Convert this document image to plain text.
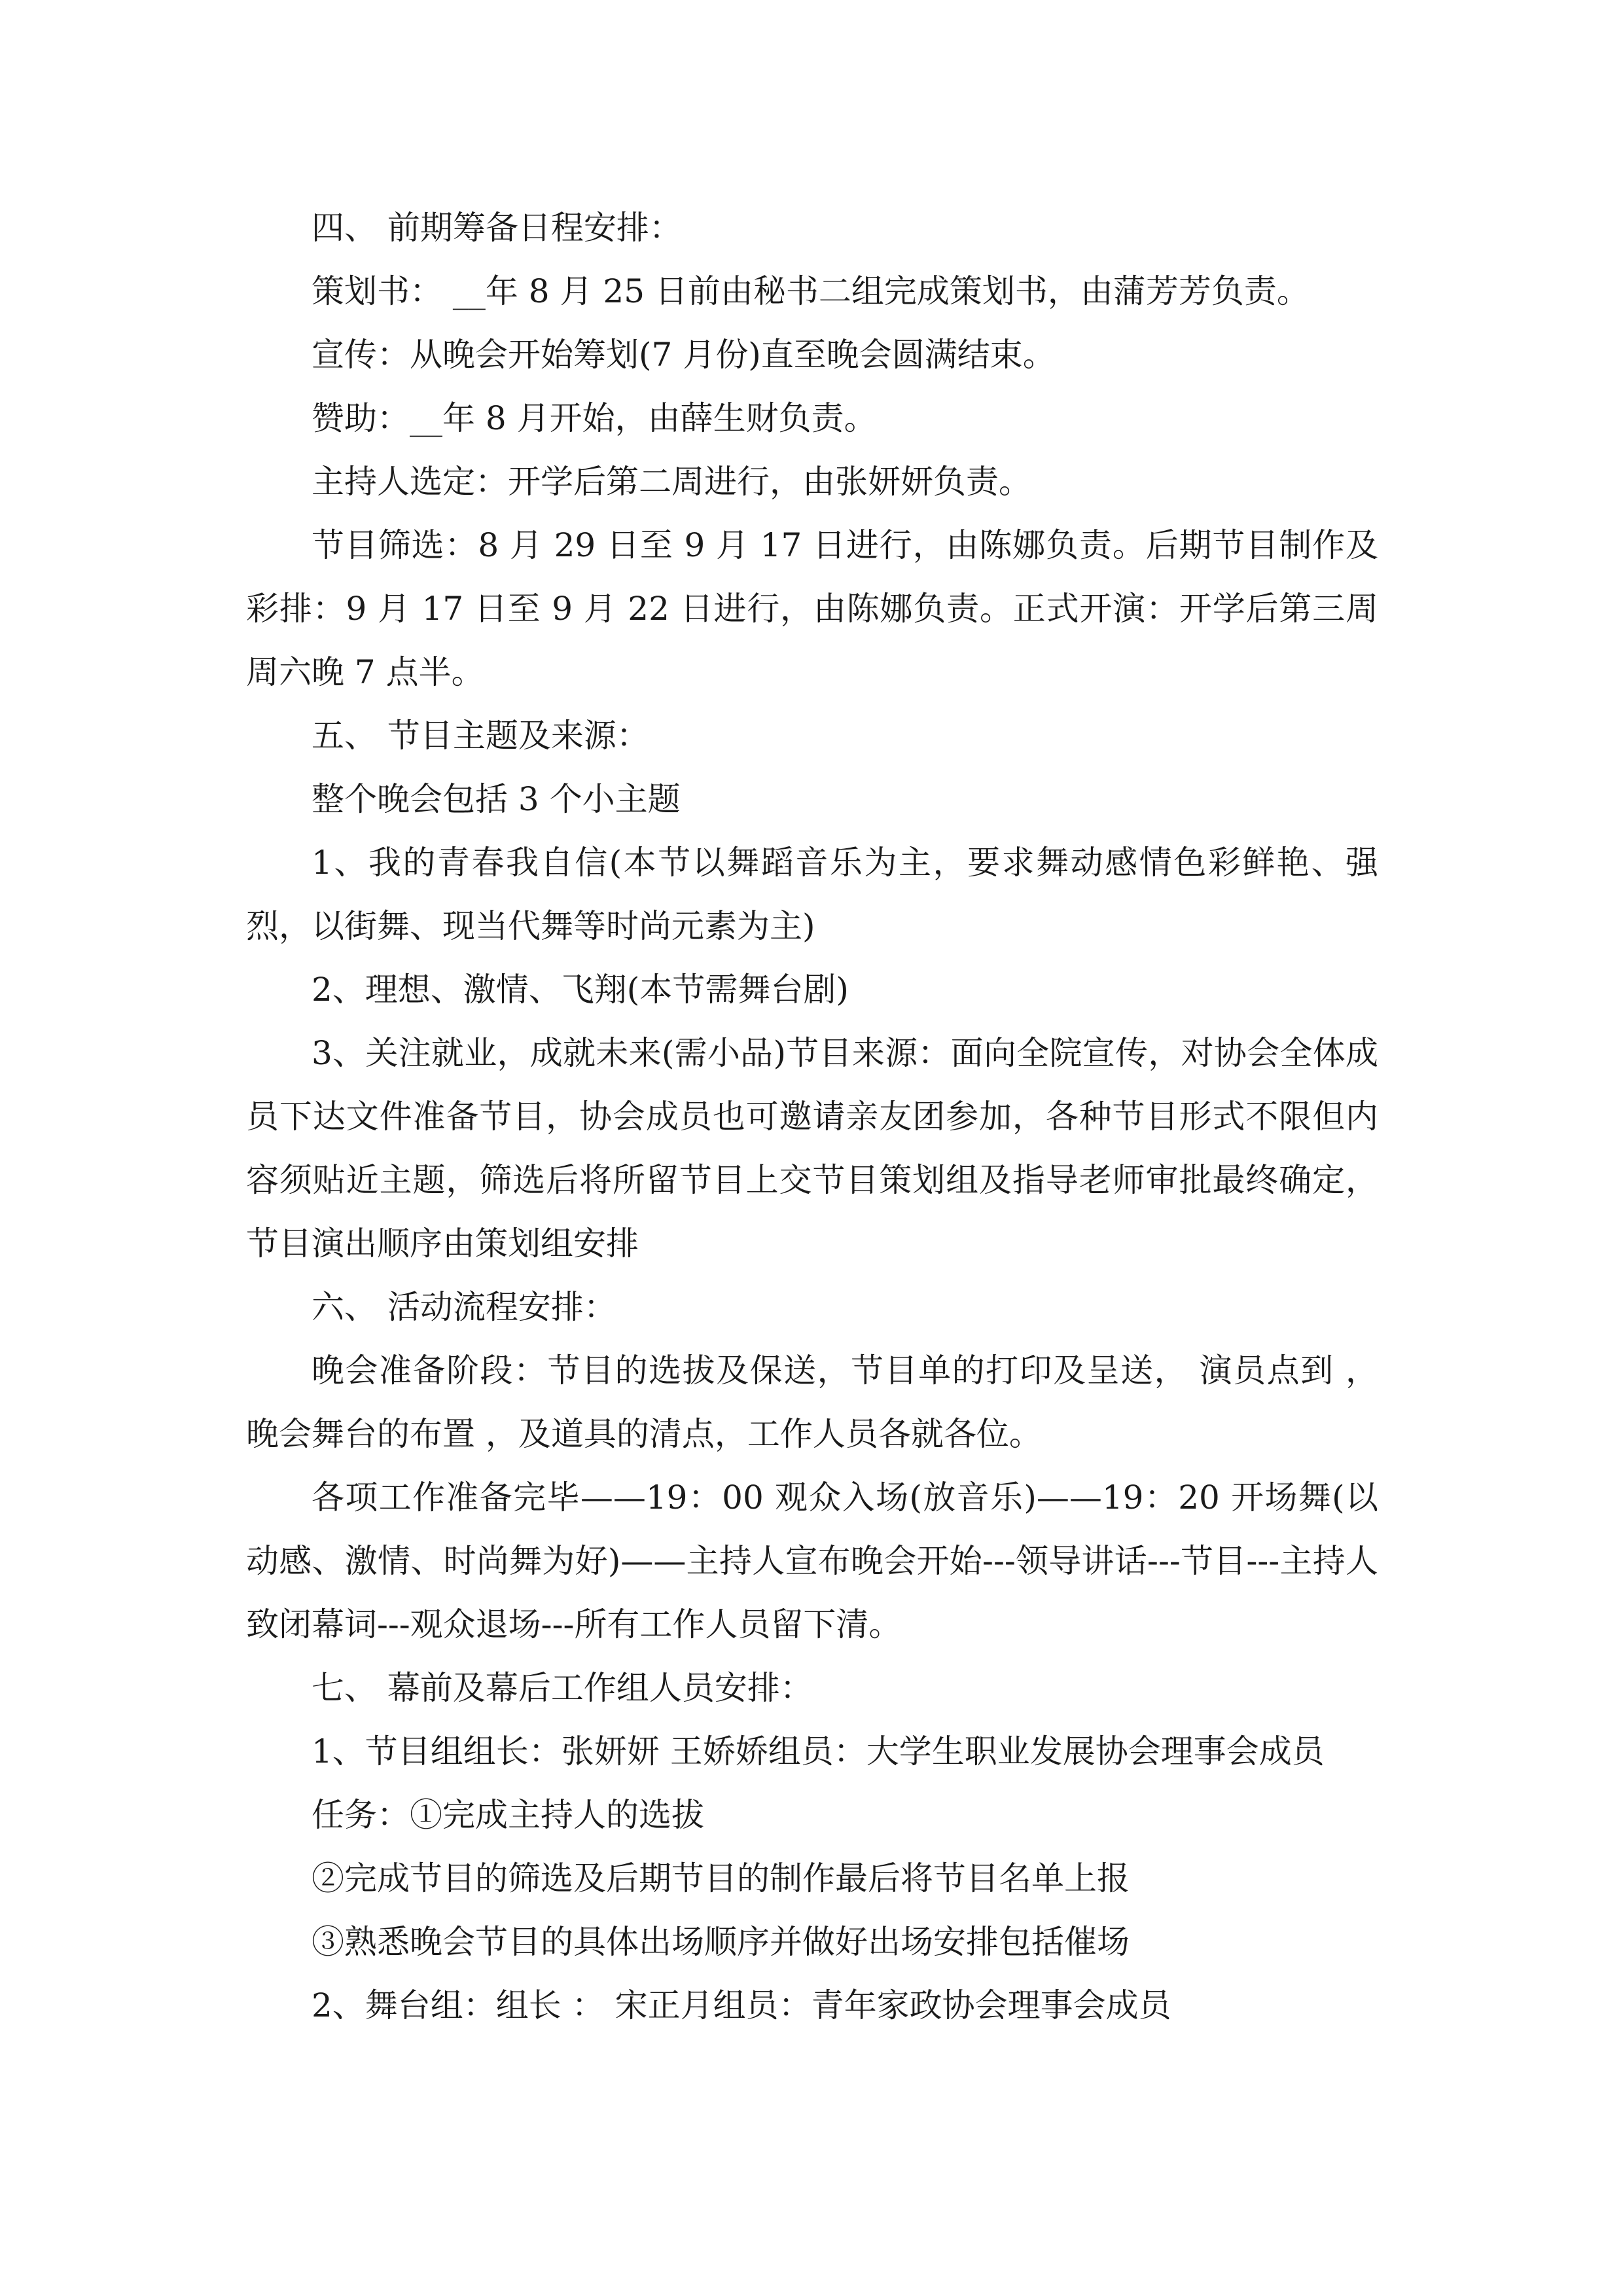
四、 前期筹备日程安排：

策划书： __年 8 月 25 日前由秘书二组完成策划书，由蒲芳芳负责。

宣传：从晚会开始筹划(7 月份)直至晚会圆满结束。

赞助：__年 8 月开始，由薛生财负责。

主持人选定：开学后第二周进行，由张妍妍负责。

节目筛选：8 月 29 日至 9 月 17 日进行，由陈娜负责。后期节目制作及彩排：9 月 17 日至 9 月 22 日进行，由陈娜负责。正式开演：开学后第三周周六晚 7 点半。

五、 节目主题及来源：

整个晚会包括 3 个小主题

1、我的青春我自信(本节以舞蹈音乐为主，要求舞动感情色彩鲜艳、强烈，以街舞、现当代舞等时尚元素为主)

2、理想、激情、飞翔(本节需舞台剧)

3、关注就业，成就未来(需小品)节目来源：面向全院宣传，对协会全体成员下达文件准备节目，协会成员也可邀请亲友团参加，各种节目形式不限但内容须贴近主题，筛选后将所留节目上交节目策划组及指导老师审批最终确定，节目演出顺序由策划组安排

六、 活动流程安排：

晚会准备阶段：节目的选拔及保送，节目单的打印及呈送， 演员点到 ，晚会舞台的布置 ，及道具的清点，工作人员各就各位。

各项工作准备完毕——19：00 观众入场(放音乐)——19：20 开场舞(以动感、激情、时尚舞为好)——主持人宣布晚会开始---领导讲话---节目---主持人致闭幕词---观众退场---所有工作人员留下清。

七、 幕前及幕后工作组人员安排：

1、节目组组长：张妍妍 王娇娇组员：大学生职业发展协会理事会成员

任务：①完成主持人的选拔

②完成节目的筛选及后期节目的制作最后将节目名单上报

③熟悉晚会节目的具体出场顺序并做好出场安排包括催场

2、舞台组：组长 ： 宋正月组员：青年家政协会理事会成员
